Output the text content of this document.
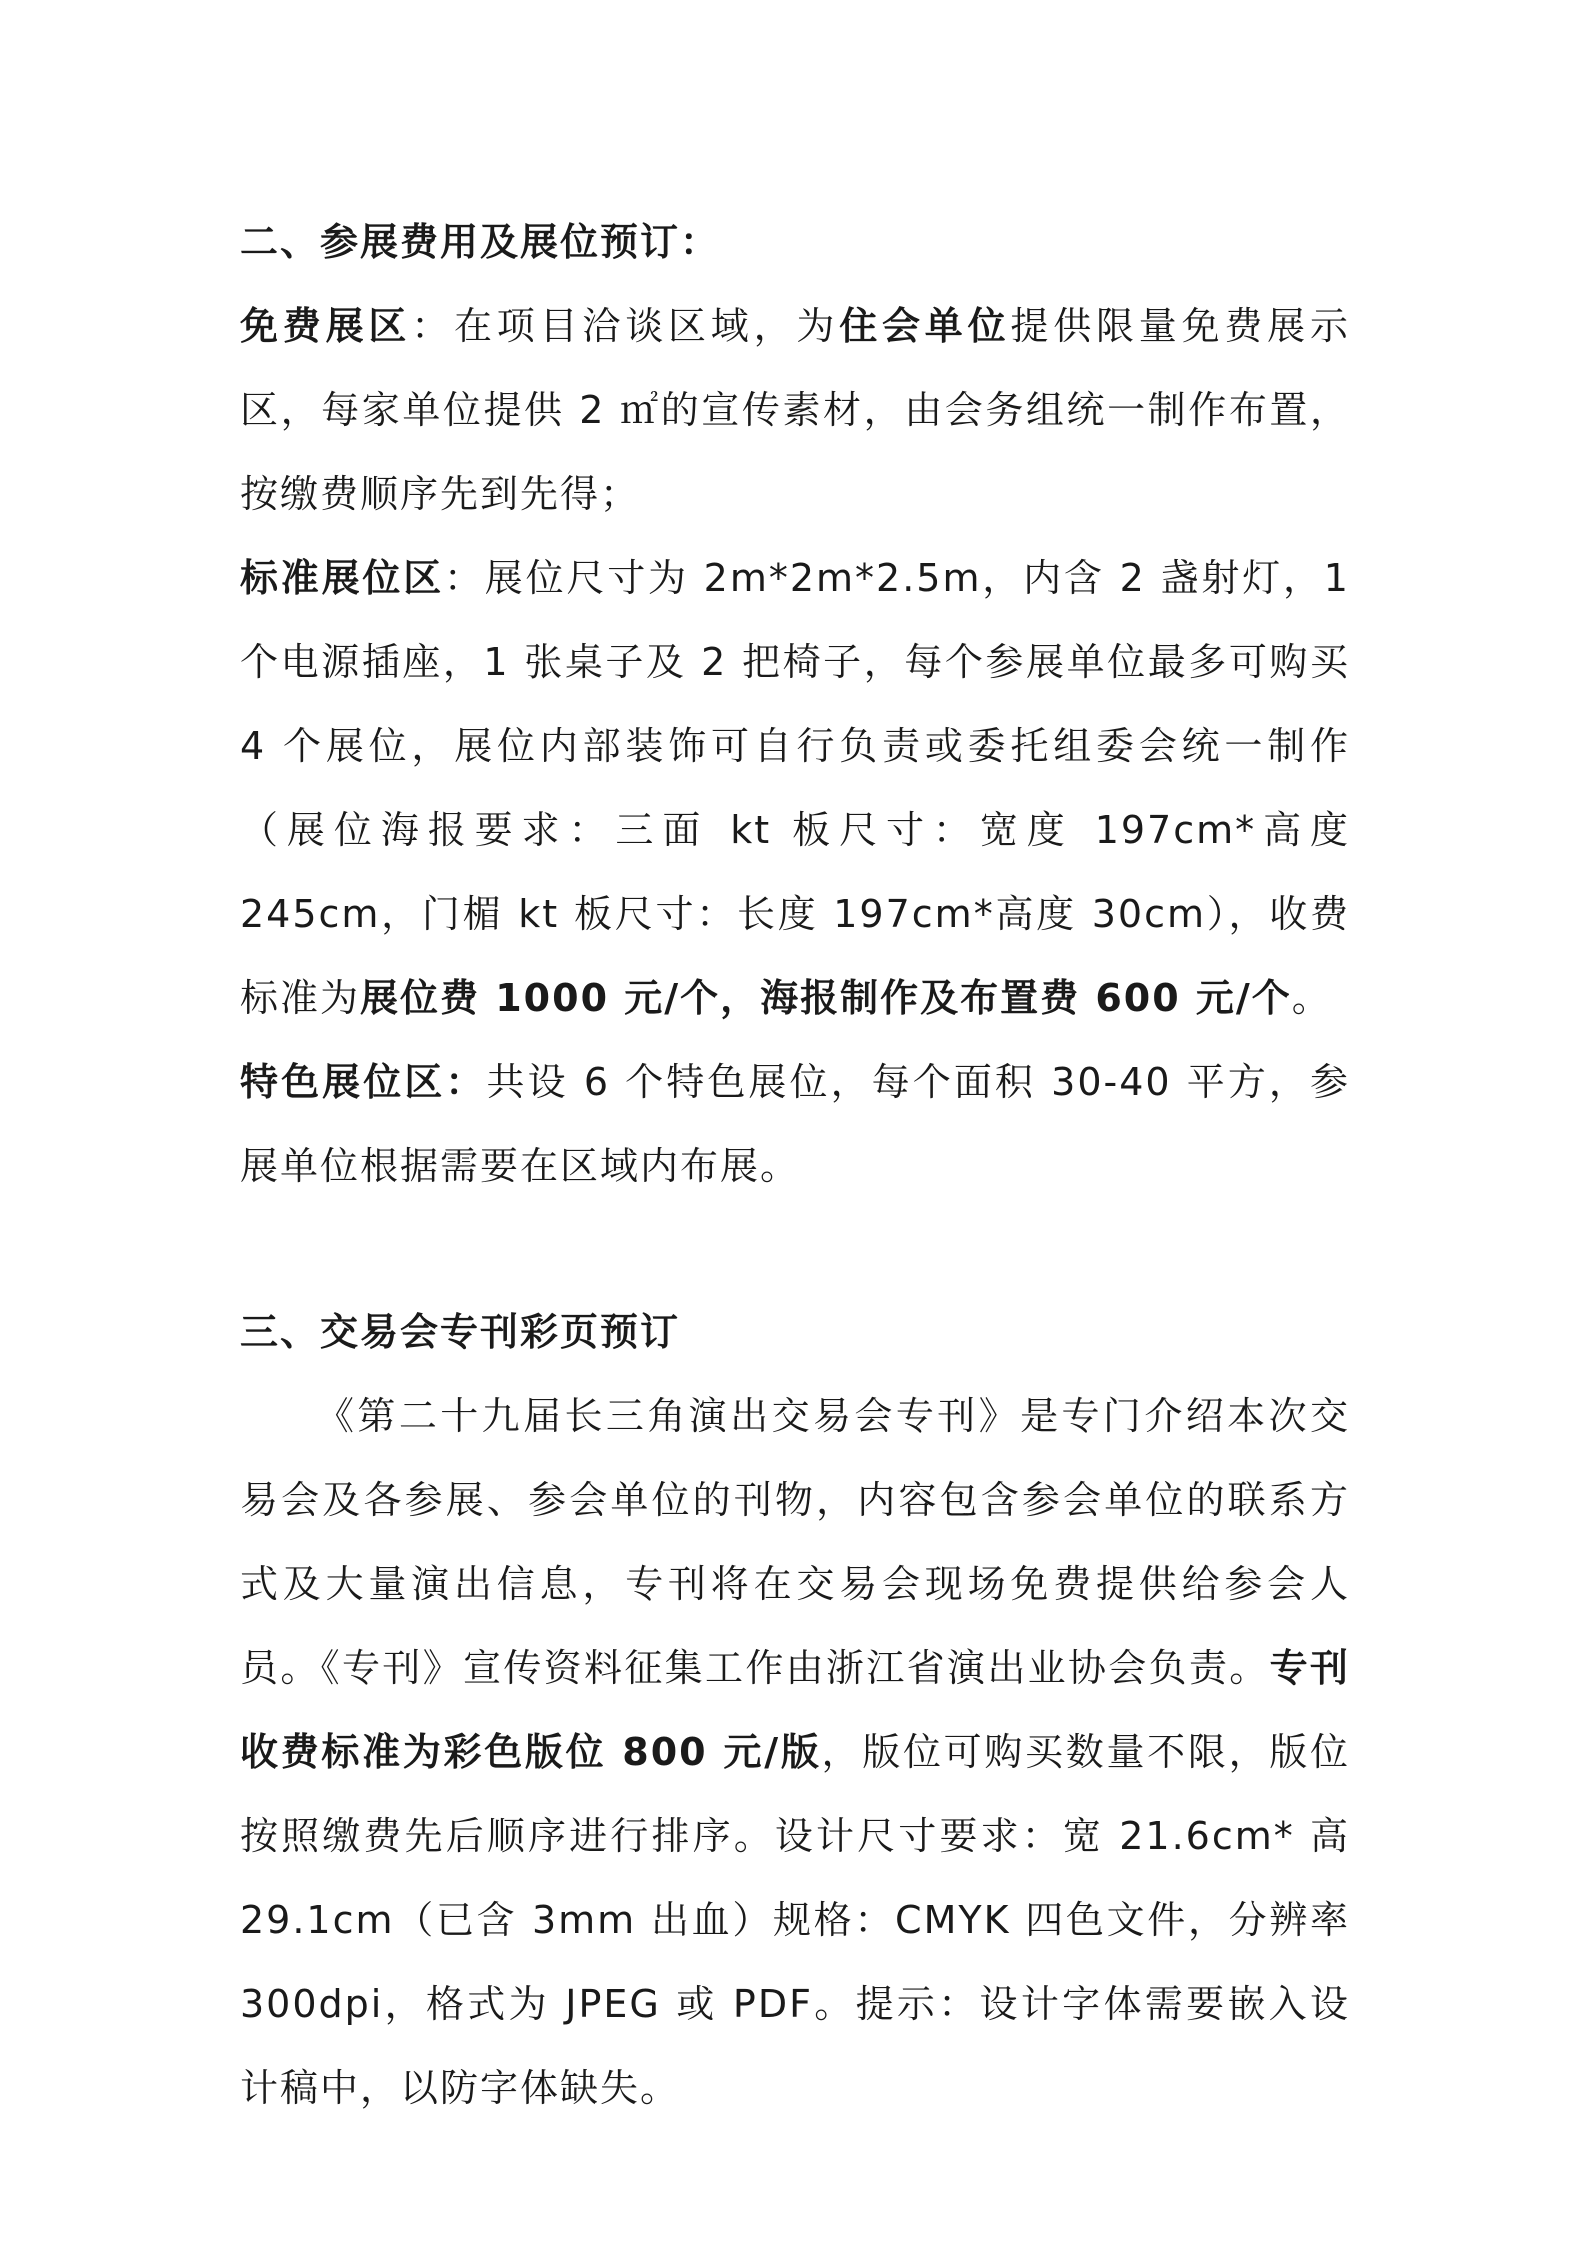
二、参展费用及展位预订：

免费展区：在项目洽谈区域，为住会单位提供限量免费展示区，每家单位提供 2 ㎡的宣传素材，由会务组统一制作布置，按缴费顺序先到先得；

标准展位区：展位尺寸为 2m*2m*2.5m，内含 2 盏射灯，1 个电源插座，1 张桌子及 2 把椅子，每个参展单位最多可购买 4 个展位，展位内部装饰可自行负责或委托组委会统一制作（展位海报要求：三面 kt 板尺寸：宽度 197cm*高度 245cm，门楣 kt 板尺寸：长度 197cm*高度 30cm），收费标准为展位费 1000 元/个，海报制作及布置费 600 元/个。

特色展位区：共设 6 个特色展位，每个面积 30-40 平方，参展单位根据需要在区域内布展。

三、交易会专刊彩页预订

《第二十九届长三角演出交易会专刊》是专门介绍本次交易会及各参展、参会单位的刊物，内容包含参会单位的联系方式及大量演出信息，专刊将在交易会现场免费提供给参会人员。《专刊》宣传资料征集工作由浙江省演出业协会负责。专刊收费标准为彩色版位 800 元/版，版位可购买数量不限，版位按照缴费先后顺序进行排序。设计尺寸要求：宽 21.6cm* 高 29.1cm（已含 3mm 出血）规格：CMYK 四色文件，分辨率 300dpi，格式为 JPEG 或 PDF。提示：设计字体需要嵌入设计稿中，以防字体缺失。
